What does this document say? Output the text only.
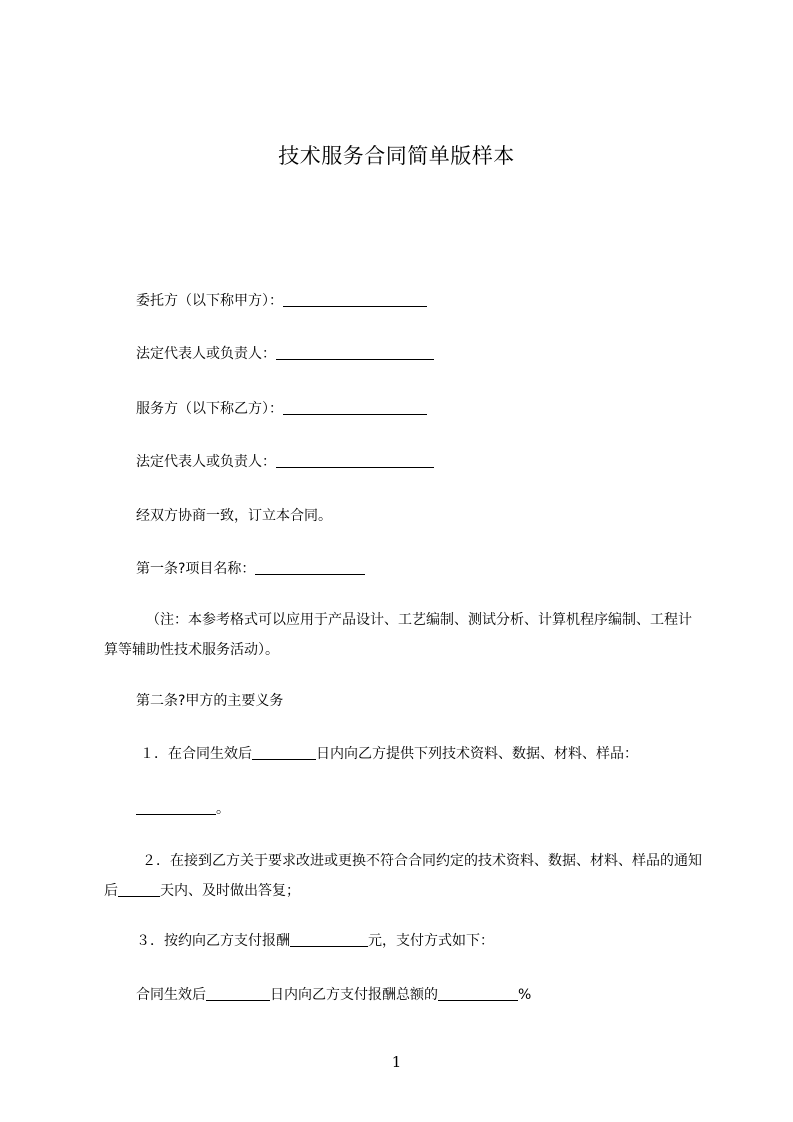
技术服务合同简单版样本
委托方（以下称甲方）：
法定代表人或负责人：
服务方（以下称乙方）：
法定代表人或负责人：
经双方协商一致，订立本合同。
第一条?项目名称：
（注：本参考格式可以应用于产品设计、工艺编制、测试分析、计算机程序编制、工程计算等辅助性技术服务活动）。
第二条?甲方的主要义务
１．在合同生效后	日内向乙方提供下列技术资料、数据、材料、样品：
。
２．在接到乙方关于要求改进或更换不符合合同约定的技术资料、数据、材料、样品的通知后	天内、及时做出答复；
３．按约向乙方支付报酬	元，支付方式如下：
合同生效后	日内向乙方支付报酬总额的	%
1
